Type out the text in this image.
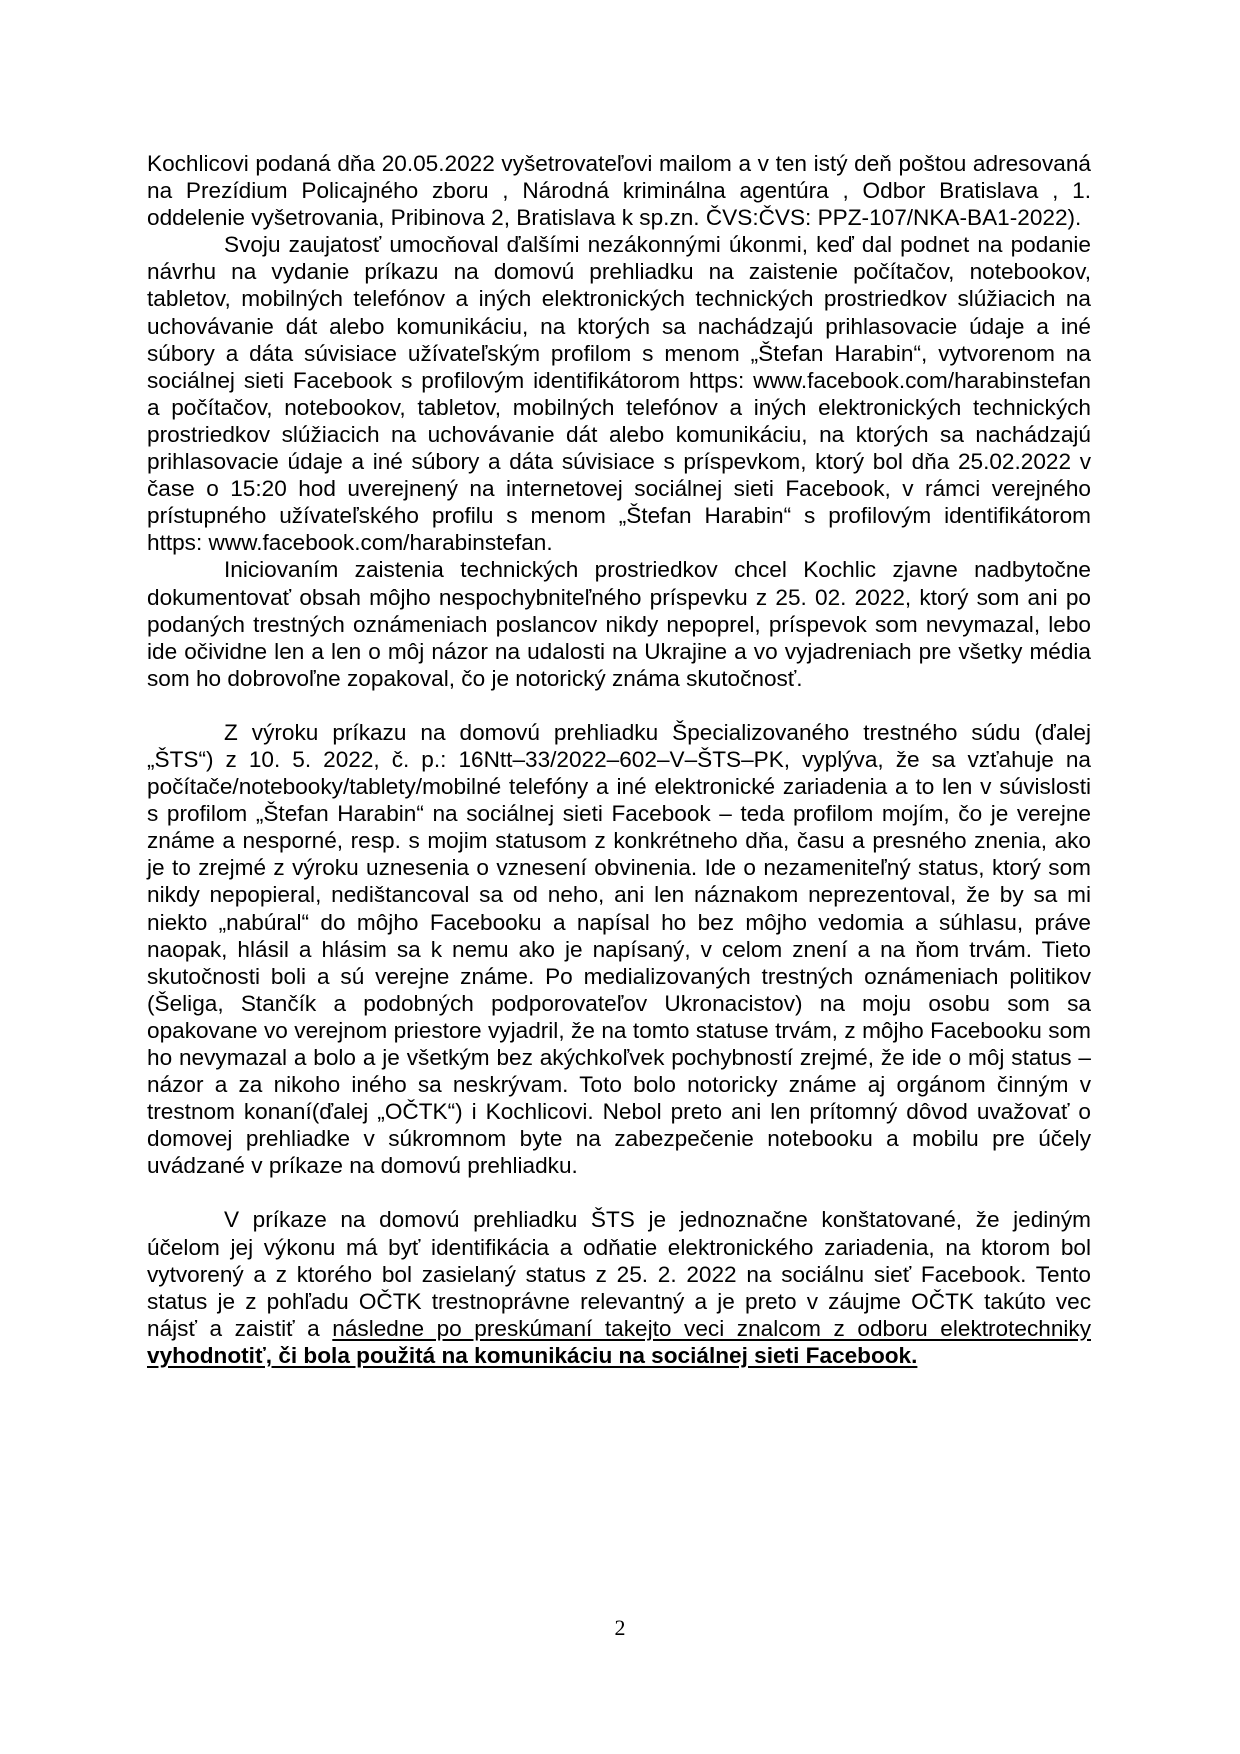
Kochlicovi podaná dňa 20.05.2022 vyšetrovateľovi mailom a v ten istý deň poštou adresovaná na Prezídium Policajného zboru , Národná kriminálna agentúra , Odbor Bratislava , 1. oddelenie vyšetrovania, Pribinova 2, Bratislava k sp.zn. ČVS:ČVS: PPZ-107/NKA-BA1-2022).

Svoju zaujatosť umocňoval ďalšími nezákonnými úkonmi, keď dal podnet na podanie návrhu na vydanie príkazu na domovú prehliadku na zaistenie počítačov, notebookov, tabletov, mobilných telefónov a iných elektronických technických prostriedkov slúžiacich na uchovávanie dát alebo komunikáciu, na ktorých sa nachádzajú prihlasovacie údaje a iné súbory a dáta súvisiace užívateľským profilom s menom „Štefan Harabin“, vytvorenom na sociálnej sieti Facebook s profilovým identifikátorom https: www.facebook.com/harabinstefan a počítačov, notebookov, tabletov, mobilných telefónov a iných elektronických technických prostriedkov slúžiacich na uchovávanie dát alebo komunikáciu, na ktorých sa nachádzajú prihlasovacie údaje a iné súbory a dáta súvisiace s príspevkom, ktorý bol dňa 25.02.2022 v čase o 15:20 hod uverejnený na internetovej sociálnej sieti Facebook, v rámci verejného prístupného užívateľského profilu s menom „Štefan Harabin“ s profilovým identifikátorom https: www.facebook.com/harabinstefan.

Iniciovaním zaistenia technických prostriedkov chcel Kochlic zjavne nadbytočne dokumentovať obsah môjho nespochybniteľného príspevku z 25. 02. 2022, ktorý som ani po podaných trestných oznámeniach poslancov nikdy nepoprel, príspevok som nevymazal, lebo ide očividne len a len o môj názor na udalosti na Ukrajine a vo vyjadreniach pre všetky média som ho dobrovoľne zopakoval, čo je notorický známa skutočnosť.

Z výroku príkazu na domovú prehliadku Špecializovaného trestného súdu (ďalej „ŠTS“) z 10. 5. 2022, č. p.: 16Ntt–33/2022–602–V–ŠTS–PK, vyplýva, že sa vzťahuje na počítače/notebooky/tablety/mobilné telefóny a iné elektronické zariadenia a to len v súvislosti s profilom „Štefan Harabin“ na sociálnej sieti Facebook – teda profilom mojím, čo je verejne známe a nesporné, resp. s mojim statusom z konkrétneho dňa, času a presného znenia, ako je to zrejmé z výroku uznesenia o vznesení obvinenia. Ide o nezameniteľný status, ktorý som nikdy nepopieral, nedištancoval sa od neho, ani len náznakom neprezentoval, že by sa mi niekto „nabúral“ do môjho Facebooku a napísal ho bez môjho vedomia a súhlasu, práve naopak, hlásil a hlásim sa k nemu ako je napísaný, v celom znení a na ňom trvám. Tieto skutočnosti boli a sú verejne známe. Po medializovaných trestných oznámeniach politikov (Šeliga, Stančík a podobných podporovateľov Ukronacistov) na moju osobu som sa opakovane vo verejnom priestore vyjadril, že na tomto statuse trvám, z môjho Facebooku som ho nevymazal a bolo a je všetkým bez akýchkoľvek pochybností zrejmé, že ide o môj status – názor a za nikoho iného sa neskrývam. Toto bolo notoricky známe aj orgánom činným v trestnom konaní(ďalej „OČTK“) i Kochlicovi. Nebol preto ani len prítomný dôvod uvažovať o domovej prehliadke v súkromnom byte na zabezpečenie notebooku a mobilu pre účely uvádzané v príkaze na domovú prehliadku.

V príkaze na domovú prehliadku ŠTS je jednoznačne konštatované, že jediným účelom jej výkonu má byť identifikácia a odňatie elektronického zariadenia, na ktorom bol vytvorený a z ktorého bol zasielaný status z 25. 2. 2022 na sociálnu sieť Facebook. Tento status je z pohľadu OČTK trestnoprávne relevantný a je preto v záujme OČTK takúto vec nájsť a zaistiť a následne po preskúmaní takejto veci znalcom z odboru elektrotechniky vyhodnotiť, či bola použitá na komunikáciu na sociálnej sieti Facebook.

2
